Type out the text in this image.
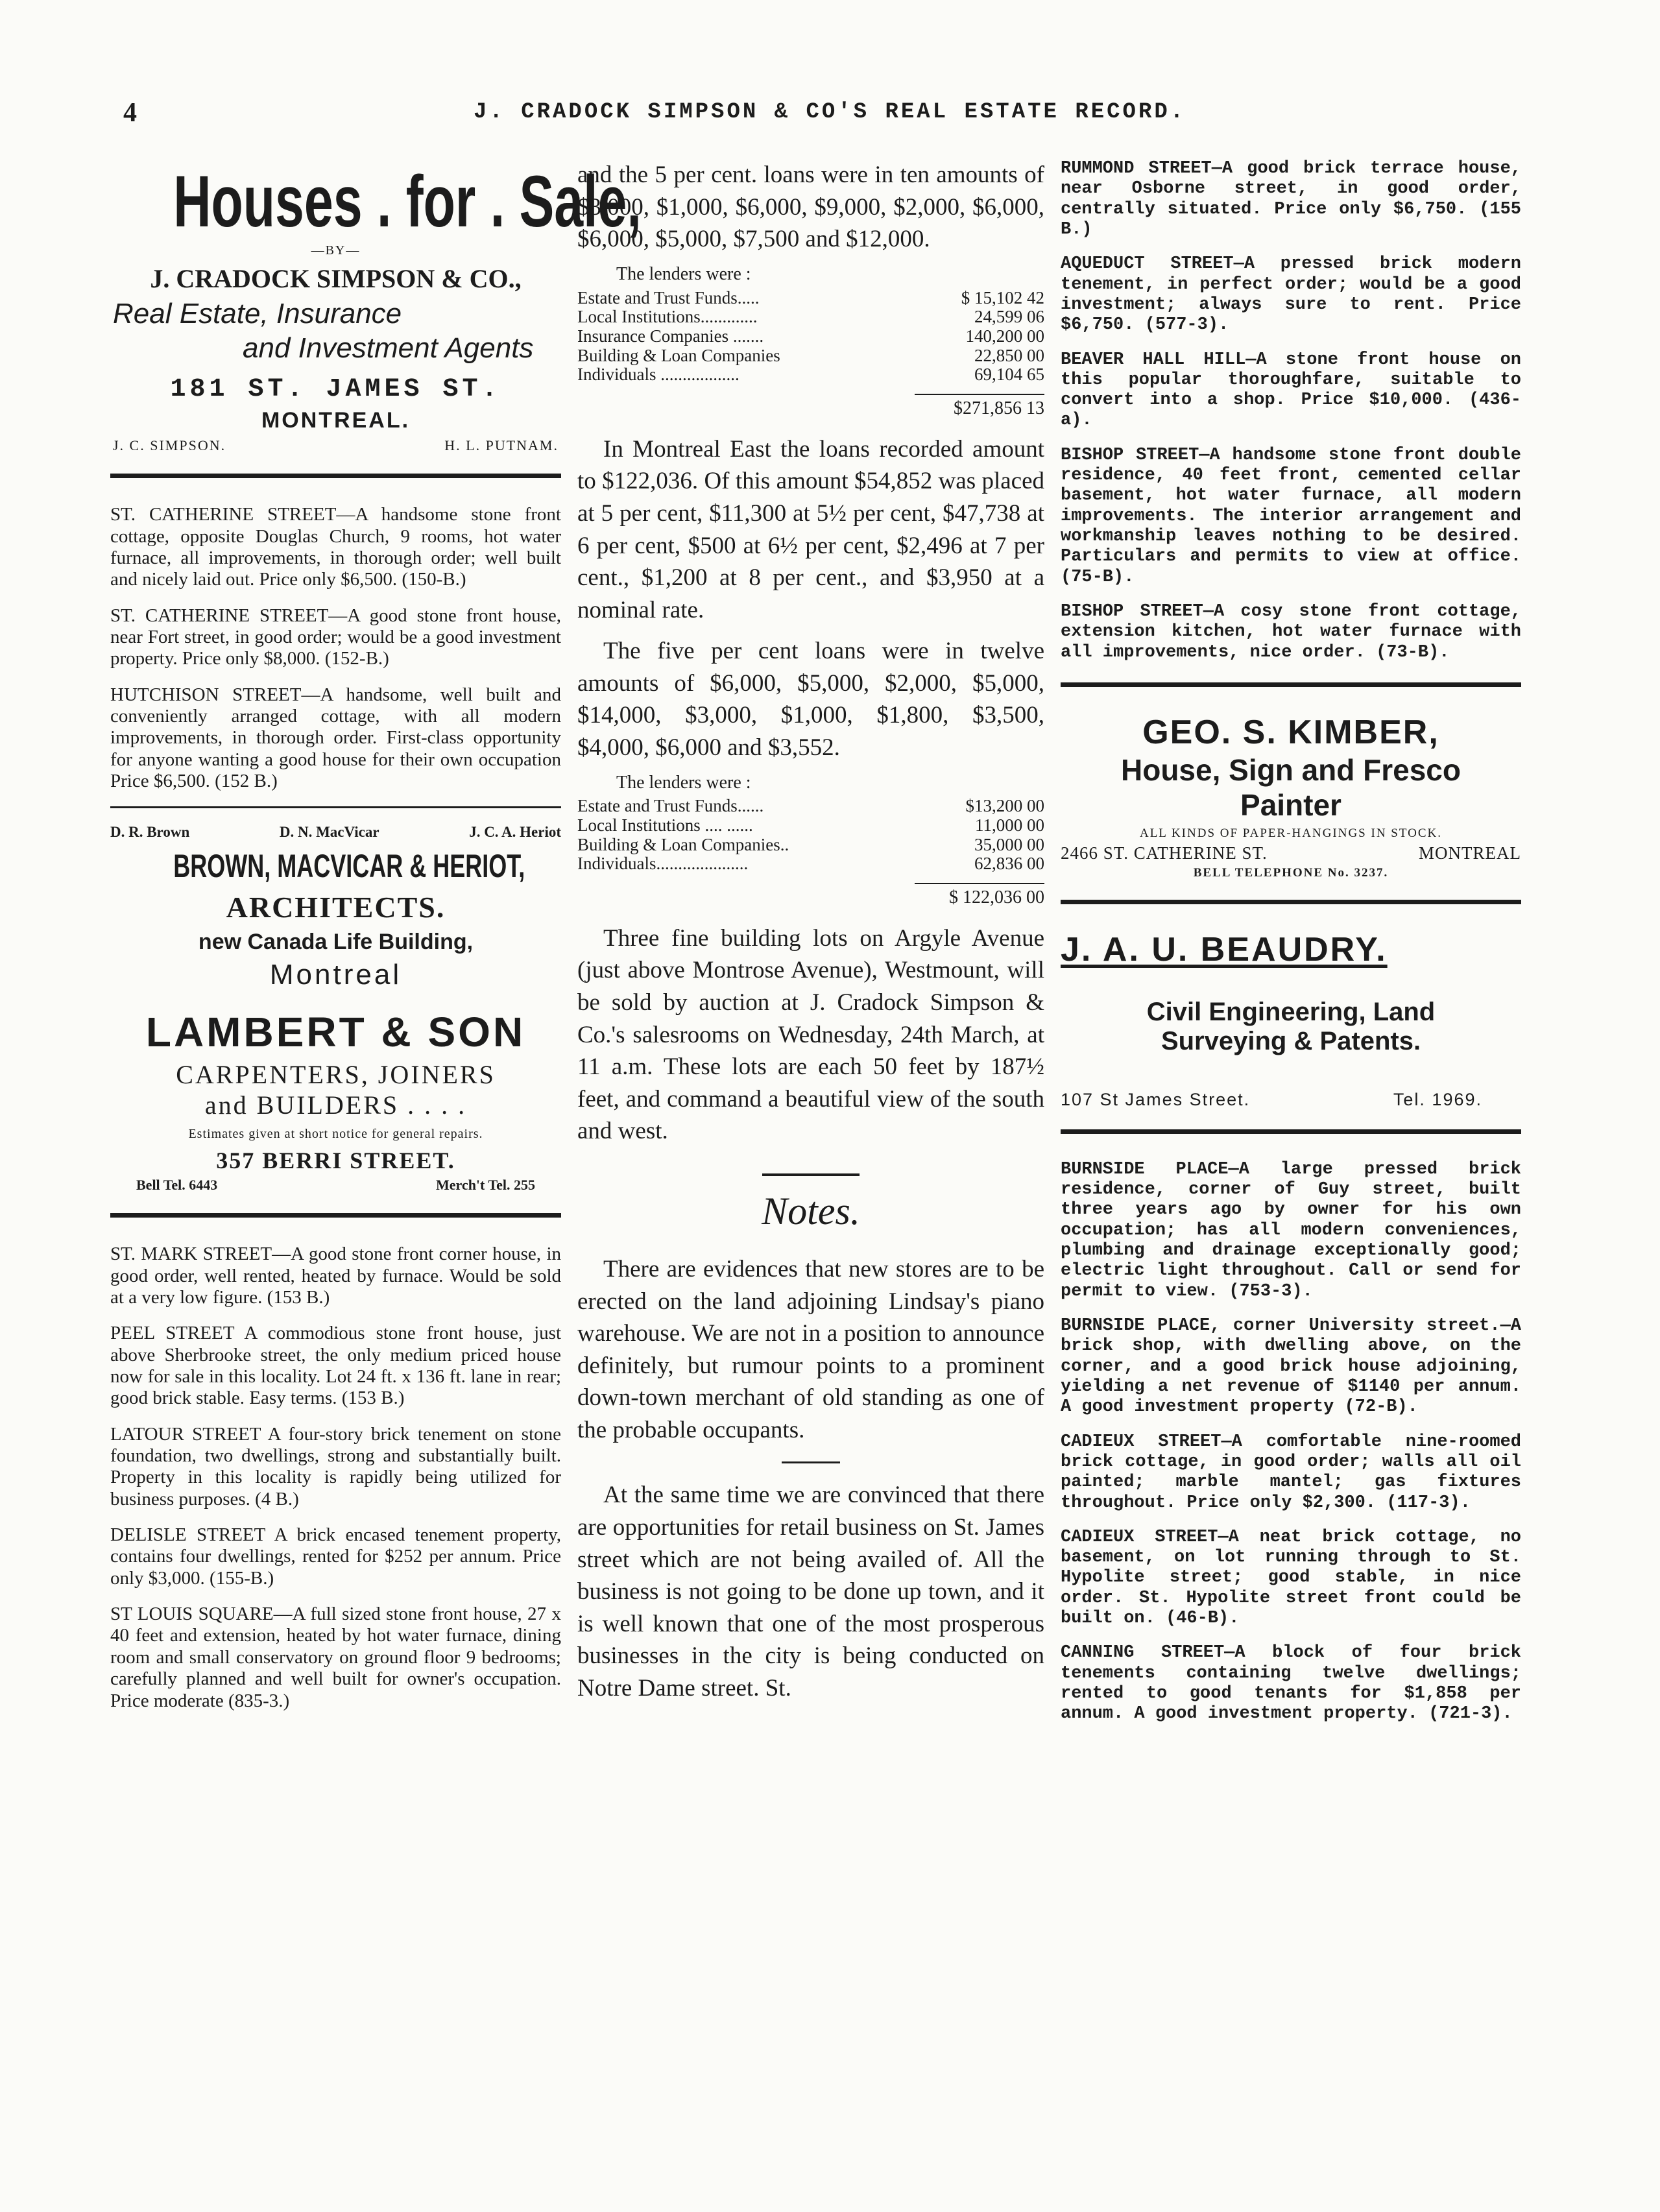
4	J. CRADOCK SIMPSON & CO'S REAL ESTATE RECORD.
Houses . for . Sale,
—BY—
J. CRADOCK SIMPSON & CO.,
Real Estate, Insurance
and Investment Agents
181 ST. JAMES ST.
MONTREAL.
J. C. SIMPSON.	H. L. PUTNAM.

ST. CATHERINE STREET—A handsome stone front cottage, opposite Douglas Church, 9 rooms, hot water furnace, all improvements, in thorough order; well built and nicely laid out. Price only $6,500. (150-B.)

ST. CATHERINE STREET—A good stone front house, near Fort street, in good order; would be a good investment property. Price only $8,000. (152-B.)

HUTCHISON STREET—A handsome, well built and conveniently arranged cottage, with all modern improvements, in thorough order. First-class opportunity for anyone wanting a good house for their own occupation Price $6,500. (152 B.)

D. R. Brown	D. N. MacVicar	J. C. A. Heriot
BROWN, MACVICAR & HERIOT,
ARCHITECTS.
new Canada Life Building,
Montreal
LAMBERT & SON
CARPENTERS, JOINERS
and BUILDERS . . . .
Estimates given at short notice for general repairs.
357 BERRI STREET.
Bell Tel. 6443	Merch't Tel. 255

ST. MARK STREET—A good stone front corner house, in good order, well rented, heated by furnace. Would be sold at a very low figure. (153 B.)

PEEL STREET A commodious stone front house, just above Sherbrooke street, the only medium priced house now for sale in this locality. Lot 24 ft. x 136 ft. lane in rear; good brick stable. Easy terms. (153 B.)

LATOUR STREET A four-story brick tenement on stone foundation, two dwellings, strong and substantially built. Property in this locality is rapidly being utilized for business purposes. (4 B.)

DELISLE STREET A brick encased tenement property, contains four dwellings, rented for $252 per annum. Price only $3,000. (155-B.)

ST LOUIS SQUARE—A full sized stone front house, 27 x 40 feet and extension, heated by hot water furnace, dining room and small conservatory on ground floor 9 bedrooms; carefully planned and well built for owner's occupation. Price moderate (835-3.)

and the 5 per cent. loans were in ten amounts of $3,000, $1,000, $6,000, $9,000, $2,000, $6,000, $6,000, $5,000, $7,500 and $12,000.

The lenders were :
Estate and Trust Funds.....	$ 15,102 42
Local Institutions.............	24,599 06
Insurance Companies .......	140,200 00
Building & Loan Companies	22,850 00
Individuals ..................	69,104 65
$271,856 13

In Montreal East the loans recorded amount to $122,036. Of this amount $54,852 was placed at 5 per cent, $11,300 at 5½ per cent, $47,738 at 6 per cent, $500 at 6½ per cent, $2,496 at 7 per cent., $1,200 at 8 per cent., and $3,950 at a nominal rate.

The five per cent loans were in twelve amounts of $6,000, $5,000, $2,000, $5,000, $14,000, $3,000, $1,000, $1,800, $3,500, $4,000, $6,000 and $3,552.

The lenders were :
Estate and Trust Funds......	$13,200 00
Local Institutions .... ......	11,000 00
Building & Loan Companies..	35,000 00
Individuals.....................	62,836 00
$ 122,036 00

Three fine building lots on Argyle Avenue (just above Montrose Avenue), Westmount, will be sold by auction at J. Cradock Simpson & Co.'s salesrooms on Wednesday, 24th March, at 11 a.m. These lots are each 50 feet by 187½ feet, and command a beautiful view of the south and west.

Notes.

There are evidences that new stores are to be erected on the land adjoining Lindsay's piano warehouse. We are not in a position to announce definitely, but rumour points to a prominent down-town merchant of old standing as one of the probable occupants.

At the same time we are convinced that there are opportunities for retail business on St. James street which are not being availed of. All the business is not going to be done up town, and it is well known that one of the most prosperous businesses in the city is being conducted on Notre Dame street. St.

RUMMOND STREET—A good brick terrace house, near Osborne street, in good order, centrally situated. Price only $6,750. (155 B.)

AQUEDUCT STREET—A pressed brick modern tenement, in perfect order; would be a good investment; always sure to rent. Price $6,750. (577-3).

BEAVER HALL HILL—A stone front house on this popular thoroughfare, suitable to convert into a shop. Price $10,000. (436-a).

BISHOP STREET—A handsome stone front double residence, 40 feet front, cemented cellar basement, hot water furnace, all modern improvements. The interior arrangement and workmanship leaves nothing to be desired. Particulars and permits to view at office. (75-B).

BISHOP STREET—A cosy stone front cottage, extension kitchen, hot water furnace with all improvements, nice order. (73-B).

GEO. S. KIMBER,
House, Sign and Fresco
Painter
ALL KINDS OF PAPER-HANGINGS IN STOCK.
2466 ST. CATHERINE ST.	MONTREAL
BELL TELEPHONE No. 3237.
J. A. U. BEAUDRY.
Civil Engineering, Land
Surveying & Patents.
107 St James Street.	Tel. 1969.

BURNSIDE PLACE—A large pressed brick residence, corner of Guy street, built three years ago by owner for his own occupation; has all modern conveniences, plumbing and drainage exceptionally good; electric light throughout. Call or send for permit to view. (753-3).

BURNSIDE PLACE, corner University street.—A brick shop, with dwelling above, on the corner, and a good brick house adjoining, yielding a net revenue of $1140 per annum. A good investment property (72-B).

CADIEUX STREET—A comfortable nine-roomed brick cottage, in good order; walls all oil painted; marble mantel; gas fixtures throughout. Price only $2,300. (117-3).

CADIEUX STREET—A neat brick cottage, no basement, on lot running through to St. Hypolite street; good stable, in nice order. St. Hypolite street front could be built on. (46-B).

CANNING STREET—A block of four brick tenements containing twelve dwellings; rented to good tenants for $1,858 per annum. A good investment property. (721-3).
